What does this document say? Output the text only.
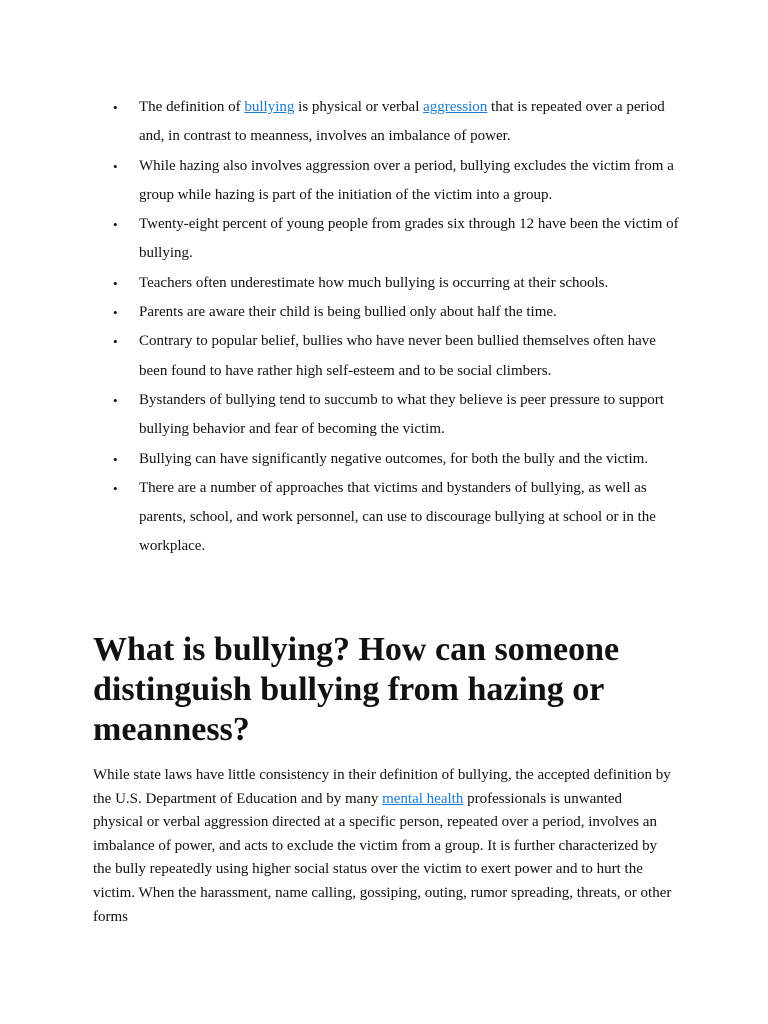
• The definition of bullying is physical or verbal aggression that is repeated over a period and, in contrast to meanness, involves an imbalance of power.
• While hazing also involves aggression over a period, bullying excludes the victim from a group while hazing is part of the initiation of the victim into a group.
• Twenty-eight percent of young people from grades six through 12 have been the victim of bullying.
• Teachers often underestimate how much bullying is occurring at their schools.
• Parents are aware their child is being bullied only about half the time.
• Contrary to popular belief, bullies who have never been bullied themselves often have been found to have rather high self-esteem and to be social climbers.
• Bystanders of bullying tend to succumb to what they believe is peer pressure to support bullying behavior and fear of becoming the victim.
• Bullying can have significantly negative outcomes, for both the bully and the victim.
• There are a number of approaches that victims and bystanders of bullying, as well as parents, school, and work personnel, can use to discourage bullying at school or in the workplace.
What is bullying? How can someone distinguish bullying from hazing or meanness?

While state laws have little consistency in their definition of bullying, the accepted definition by the U.S. Department of Education and by many mental health professionals is unwanted physical or verbal aggression directed at a specific person, repeated over a period, involves an imbalance of power, and acts to exclude the victim from a group. It is further characterized by the bully repeatedly using higher social status over the victim to exert power and to hurt the victim. When the harassment, name calling, gossiping, outing, rumor spreading, threats, or other forms
